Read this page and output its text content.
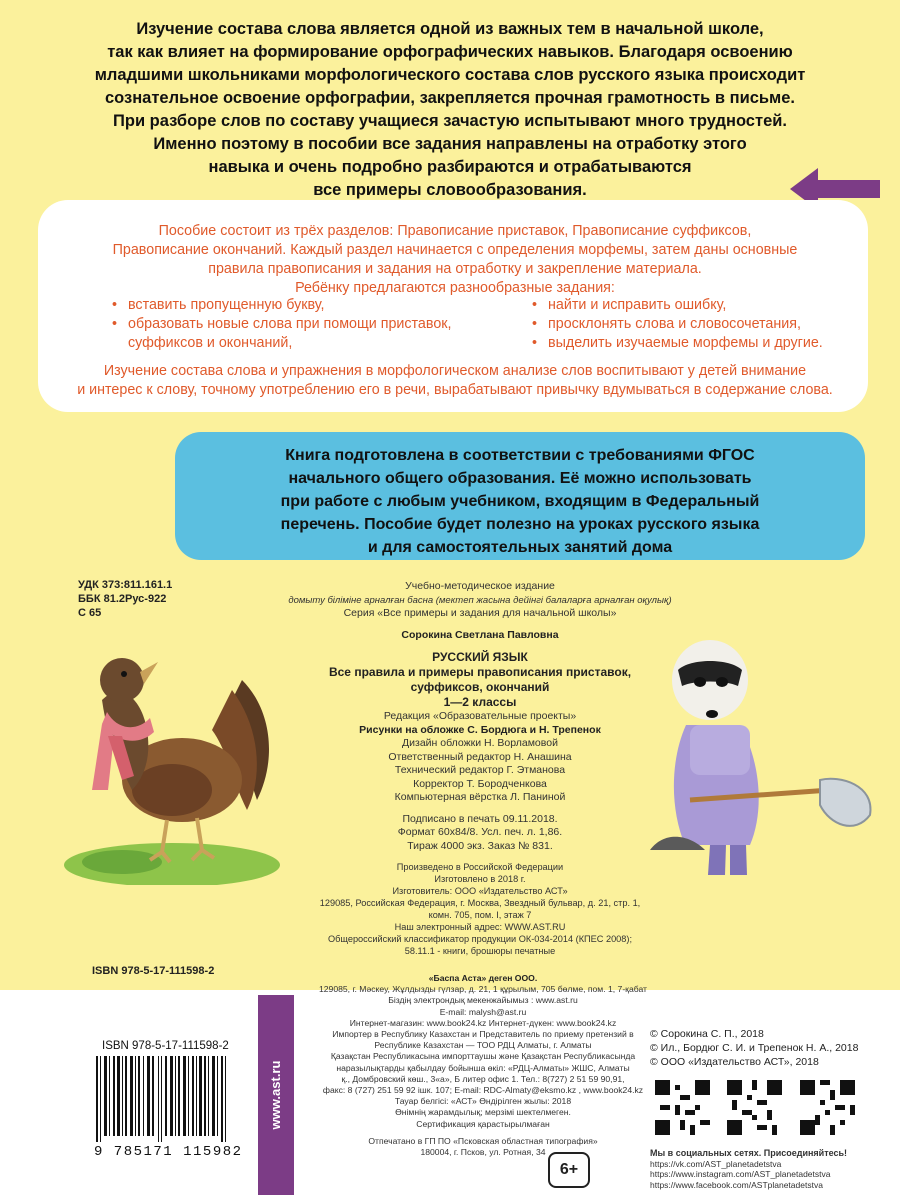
Изучение состава слова является одной из важных тем в начальной школе,

так как влияет на формирование орфографических навыков. Благодаря освоению

младшими школьниками морфологического состава слов русского языка происходит

сознательное освоение орфографии, закрепляется прочная грамотность в письме.

При разборе слов по составу учащиеся зачастую испытывают много трудностей.

Именно поэтому в пособии все задания направлены на отработку этого

навыка и очень подробно разбираются и отрабатываются

все примеры словообразования.

Пособие состоит из трёх разделов: Правописание приставок, Правописание суффиксов,
Правописание окончаний. Каждый раздел начинается с определения морфемы, затем даны основные
правила правописания и задания на отработку и закрепление материала.
Ребёнку предлагаются разнообразные задания:
• вставить пропущенную букву,
• образовать новые слова при помощи приставок, суффиксов и окончаний,
• найти и исправить ошибку,
• просклонять слова и словосочетания,
• выделить изучаемые морфемы и другие.
Изучение состава слова и упражнения в морфологическом анализе слов воспитывают у детей внимание
и интерес к слову, точному употреблению его в речи, вырабатывают привычку вдумываться в содержание слова.
Книга подготовлена в соответствии с требованиями ФГОС
начального общего образования. Её можно использовать
при работе с любым учебником, входящим в Федеральный
перечень. Пособие будет полезно на уроках русского языка
и для самостоятельных занятий дома
УДК 373:811.161.1
ББК 81.2Рус-922
С 65
Учебно-методическое издание
домыту бiлiмiне арналған басна (мектеп жасына дейiнгi балаларға арналған оқулық)
Серия «Все примеры и задания для начальной школы»
Сорокина Светлана Павловна
РУССКИЙ ЯЗЫК
Все правила и примеры правописания приставок,
суффиксов, окончаний
1—2 классы
Редакция «Образовательные проекты»
Рисунки на обложке С. Бордюга и Н. Трепенок
Дизайн обложки Н. Ворламовой
Ответственный редактор Н. Анашина
Технический редактор Г. Этманова
Корректор Т. Бородченкова
Компьютерная вёрстка Л. Паниной
Подписано в печать 09.11.2018.
Формат 60x84/8. Усл. печ. л. 1,86.
Тираж 4000 экз. Заказ № 831.
Произведено в Российской Федерации
Изготовлено в 2018 г.
Изготовитель: ООО «Издательство АСТ»
129085, Российская Федерация, г. Москва, Звездный бульвар, д. 21, стр. 1,
комн. 705, пом. I, этаж 7
Наш электронный адрес: WWW.AST.RU
Общероссийский классификатор продукции ОК-034-2014 (КПЕС 2008);
58.11.1 - книги, брошюры печатные
ISBN 978-5-17-111598-2
www.ast.ru
«Баспа Аста» деген ООО.
129085, г. Мәскеу, Жұлдызды гүлзар, д. 21, 1 құрылым, 705 бөлме, пом. 1, 7-қабат
Біздің электрондық мекенжайымыз : www.ast.ru
E-mail: malysh@ast.ru
Интернет-магазин: www.book24.kz Интернет-дүкен: www.book24.kz
Импортер в Республику Казахстан и Представитель по приему претензий в
Республике Казахстан — ТОО РДЦ Алматы, г. Алматы
Қазақстан Республикасына импорттаушы және Қазақстан Республикасында
наразылықтарды қабылдау бойынша өкіл: «РДЦ-Алматы» ЖШС, Алматы
қ., Домбровский көш., 3«а», Б литер офис 1. Тел.: 8(727) 2 51 59 90,91,
факс: 8 (727) 251 59 92 ішк. 107; E-mail: RDC-Almaty@eksmo.kz , www.book24.kz
Тауар белгісі: «АСТ» Өндірілген жылы: 2018
Өнімнің жарамдылық; мерзімі шектелмеген.
Сертификация қарастырылмаған
Отпечатано в ГП ПО «Псковская областная типография»
180004, г. Псков, ул. Ротная, 34
ISBN 978-5-17-111598-2
9 785171 115982
6+
© Сорокина С. П., 2018
© Ил., Бордюг С. И. и Трепенок Н. А., 2018
© ООО «Издательство АСТ», 2018
Мы в социальных сетях. Присоединяйтесь!
https://vk.com/AST_planetadetstva
https://www.instagram.com/AST_planetadetstva
https://www.facebook.com/ASTplanetadetstva
